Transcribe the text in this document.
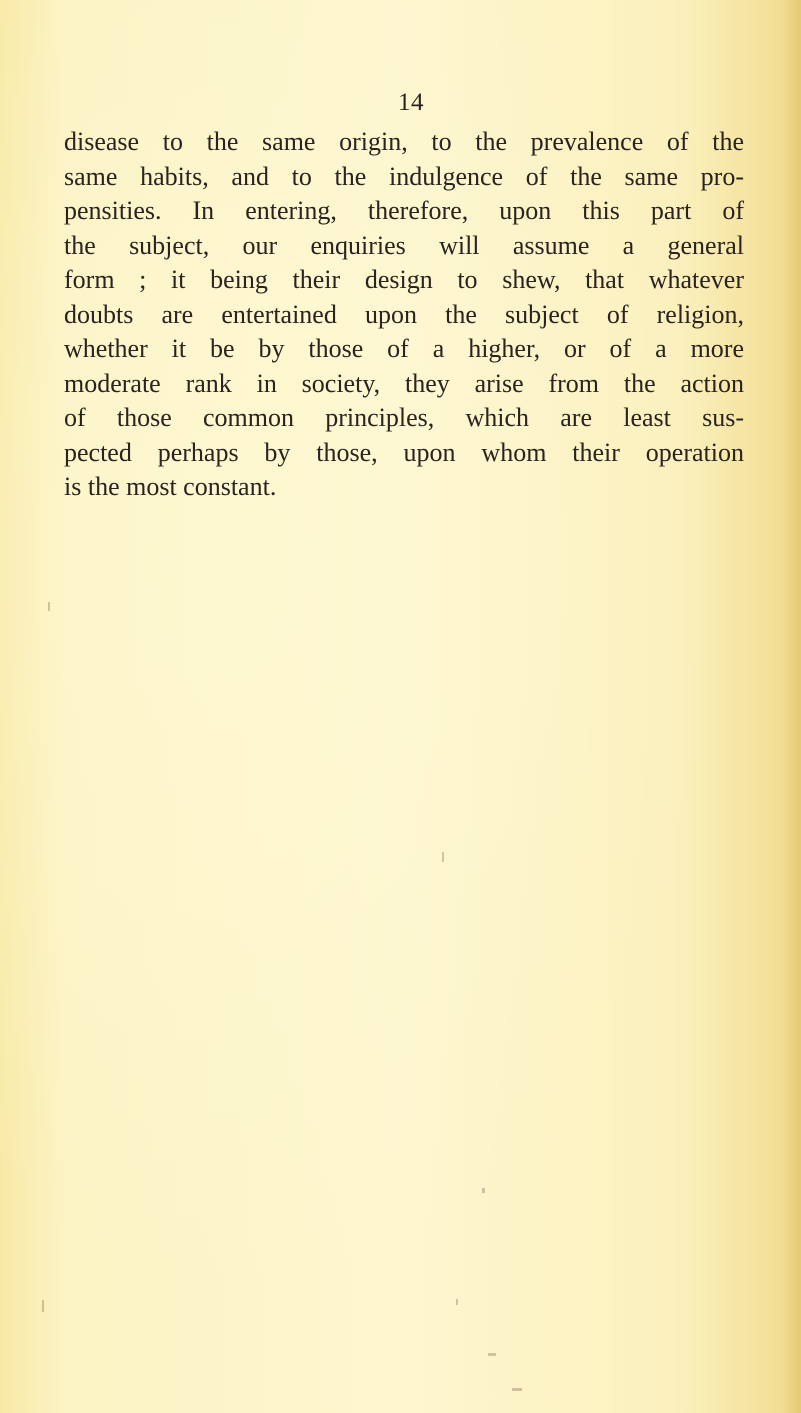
14
disease to the same origin, to the prevalence of the
same habits, and to the indulgence of the same pro-
pensities. In entering, therefore, upon this part of
the subject, our enquiries will assume a general
form ; it being their design to shew, that whatever
doubts are entertained upon the subject of religion,
whether it be by those of a higher, or of a more
moderate rank in society, they arise from the action
of those common principles, which are least sus-
pected perhaps by those, upon whom their operation
is the most constant.
